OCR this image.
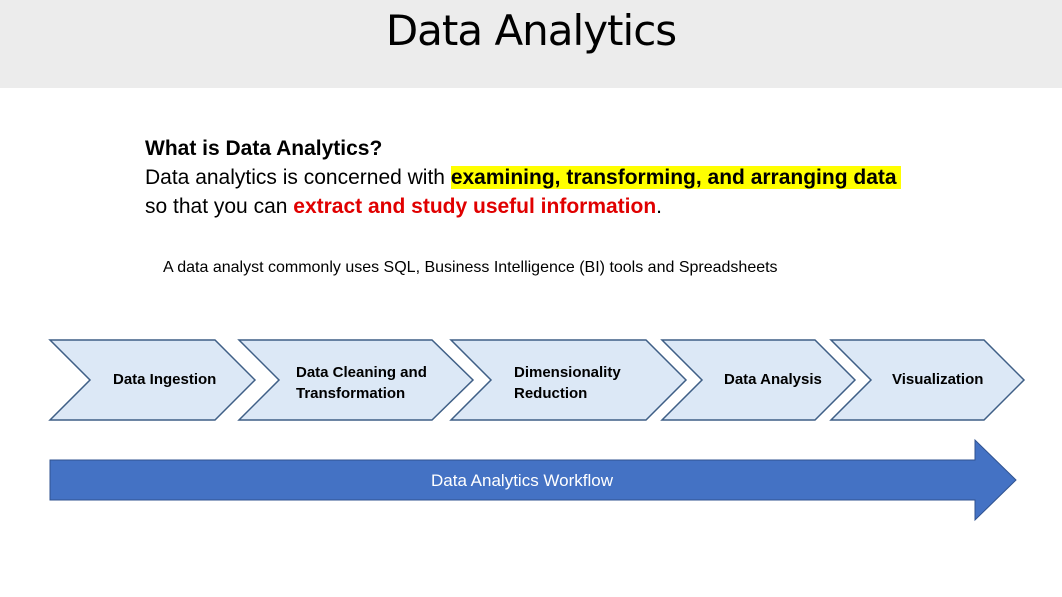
Data Analytics
What is Data Analytics?
Data analytics is concerned with examining, transforming, and arranging data so that you can extract and study useful information.
A data analyst commonly uses SQL, Business Intelligence (BI) tools and Spreadsheets
Data Ingestion	Data Cleaning and
Transformation
Dimensionality
Reduction
Data Analysis	Visualization
Data Analytics Workflow
